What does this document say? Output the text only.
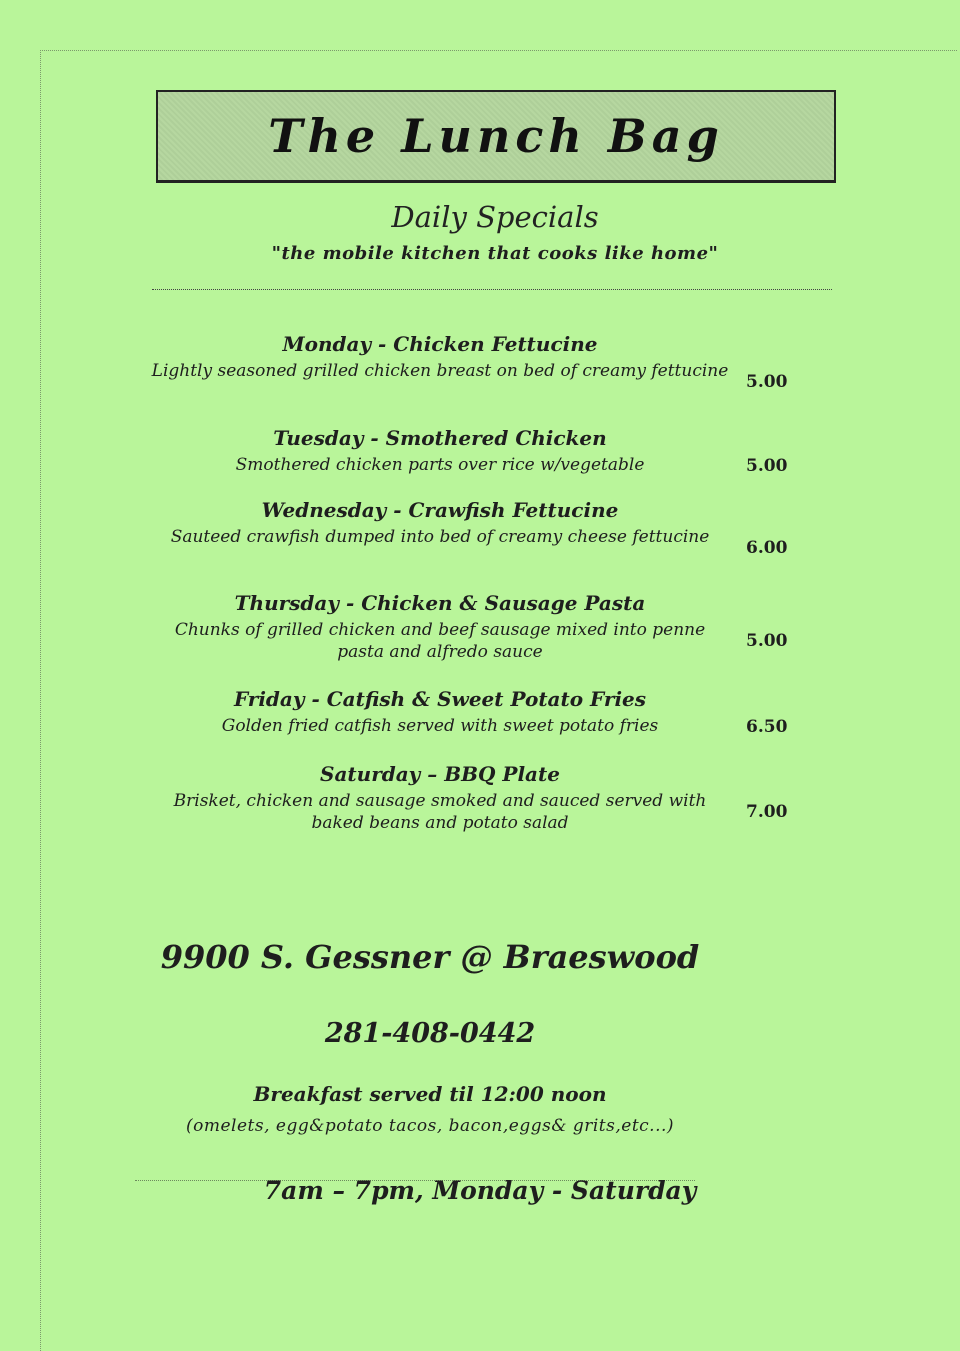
The Lunch Bag
Daily Specials
"the mobile kitchen that cooks like home"
Monday - Chicken Fettucine
Lightly seasoned grilled chicken breast on bed of creamy fettucine
5.00
Tuesday - Smothered Chicken
Smothered chicken parts over rice w/vegetable	5.00
Wednesday - Crawfish Fettucine
Sauteed crawfish dumped into bed of creamy cheese fettucine
6.00
Thursday - Chicken & Sausage Pasta
Chunks of grilled chicken and beef sausage mixed into penne pasta and alfredo sauce
5.00
Friday - Catfish & Sweet Potato Fries
Golden fried catfish served with sweet potato fries	6.50
Saturday – BBQ Plate
Brisket, chicken and sausage smoked and sauced served with baked beans and potato salad
7.00
9900 S. Gessner @ Braeswood
281-408-0442
Breakfast served til 12:00 noon
(omelets, egg&potato tacos, bacon,eggs& grits,etc...)
7am – 7pm, Monday - Saturday
